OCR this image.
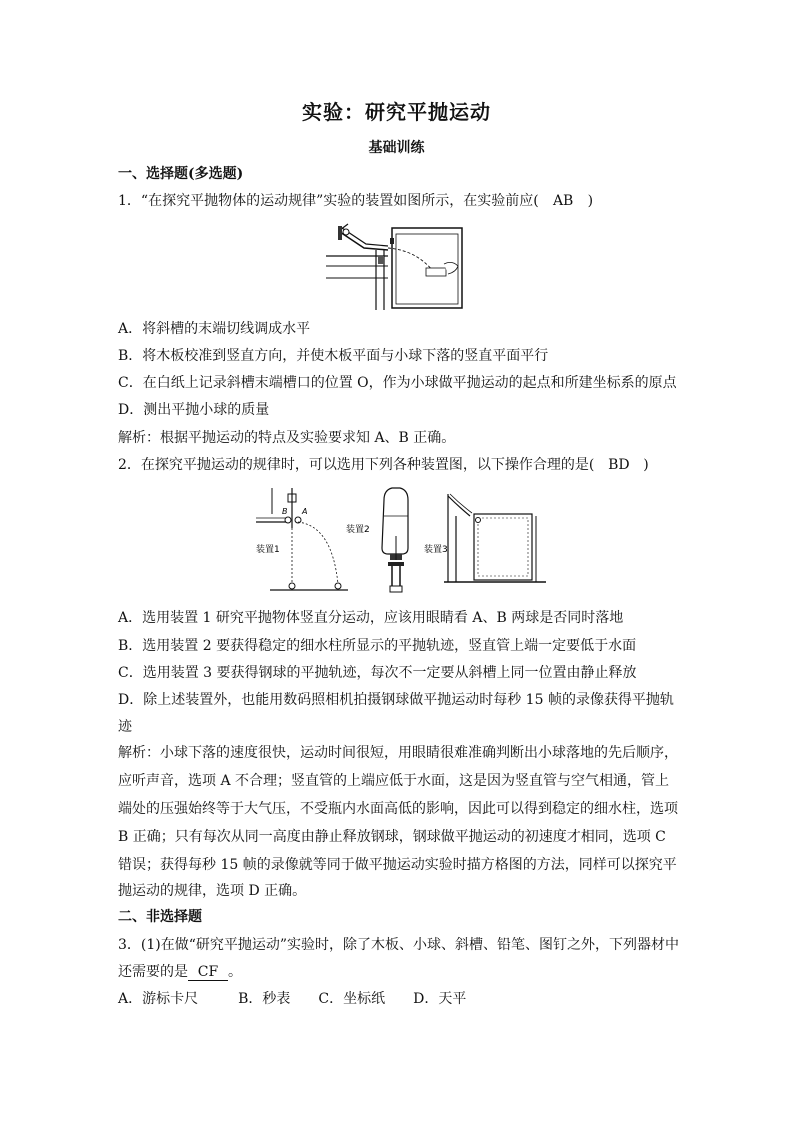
实验：研究平抛运动
基础训练
一、选择题(多选题)
1．“在探究平抛物体的运动规律”实验的装置如图所示，在实验前应( AB )
A．将斜槽的末端切线调成水平
B．将木板校准到竖直方向，并使木板平面与小球下落的竖直平面平行
C．在白纸上记录斜槽末端槽口的位置 O，作为小球做平抛运动的起点和所建坐标系的原点
D．测出平抛小球的质量
解析：根据平抛运动的特点及实验要求知 A、B 正确。
2．在探究平抛运动的规律时，可以选用下列各种装置图，以下操作合理的是( BD )
B A
装置1
装置2
装置3
A．选用装置 1 研究平抛物体竖直分运动，应该用眼睛看 A、B 两球是否同时落地
B．选用装置 2 要获得稳定的细水柱所显示的平抛轨迹，竖直管上端一定要低于水面
C．选用装置 3 要获得钢球的平抛轨迹，每次不一定要从斜槽上同一位置由静止释放
D．除上述装置外，也能用数码照相机拍摄钢球做平抛运动时每秒 15 帧的录像获得平抛轨
迹
解析：小球下落的速度很快，运动时间很短，用眼睛很难准确判断出小球落地的先后顺序，
应听声音，选项 A 不合理；竖直管的上端应低于水面，这是因为竖直管与空气相通，管上
端处的压强始终等于大气压，不受瓶内水面高低的影响，因此可以得到稳定的细水柱，选项
B 正确；只有每次从同一高度由静止释放钢球，钢球做平抛运动的初速度才相同，选项 C
错误；获得每秒 15 帧的录像就等同于做平抛运动实验时描方格图的方法，同样可以探究平
抛运动的规律，选项 D 正确。
二、非选择题
3．(1)在做“研究平抛运动”实验时，除了木板、小球、斜槽、铅笔、图钉之外，下列器材中
还需要的是 CF 。
A．游标卡尺	B．秒表 C．坐标纸 D．天平
